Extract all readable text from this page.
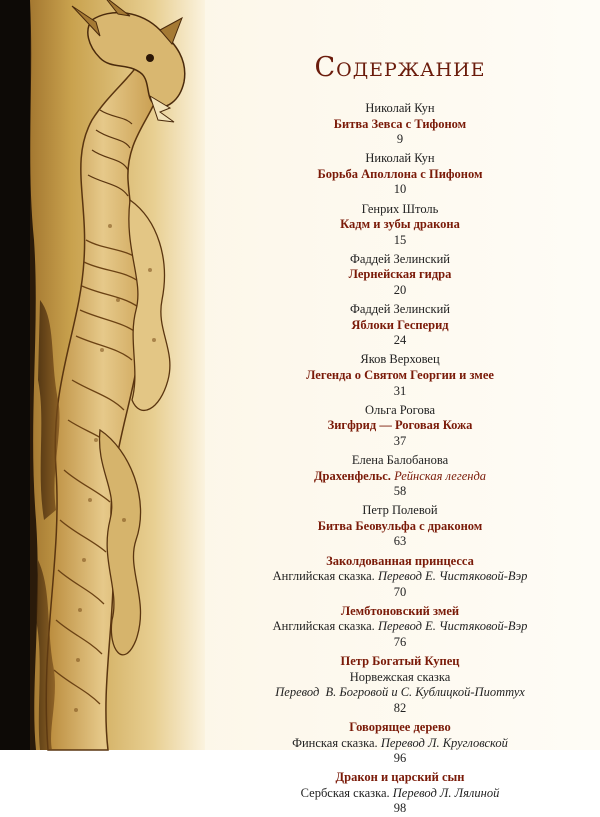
Содержание
Николай Кун
Битва Зевса с Тифоном
9
Николай Кун
Борьба Аполлона с Пифоном
10
Генрих Штоль
Кадм и зубы дракона
15
Фаддей Зелинский
Лернейская гидра
20
Фаддей Зелинский
Яблоки Гесперид
24
Яков Верховец
Легенда о Святом Георгии и змее
31
Ольга Рогова
Зигфрид — Роговая Кожа
37
Елена Балобанова
Драхенфельс. Рейнская легенда
58
Петр Полевой
Битва Беовульфа с драконом
63
Заколдованная принцесса
Английская сказка. Перевод Е. Чистяковой-Вэр
70
Лембтоновский змей
Английская сказка. Перевод Е. Чистяковой-Вэр
76
Петр Богатый Купец
Норвежская сказка
Перевод  В. Богровой и С. Кублицкой-Пиоттух
82
Говорящее дерево
Финская сказка. Перевод Л. Кругловской
96
Дракон и царский сын
Сербская сказка. Перевод Л. Лялиной
98
